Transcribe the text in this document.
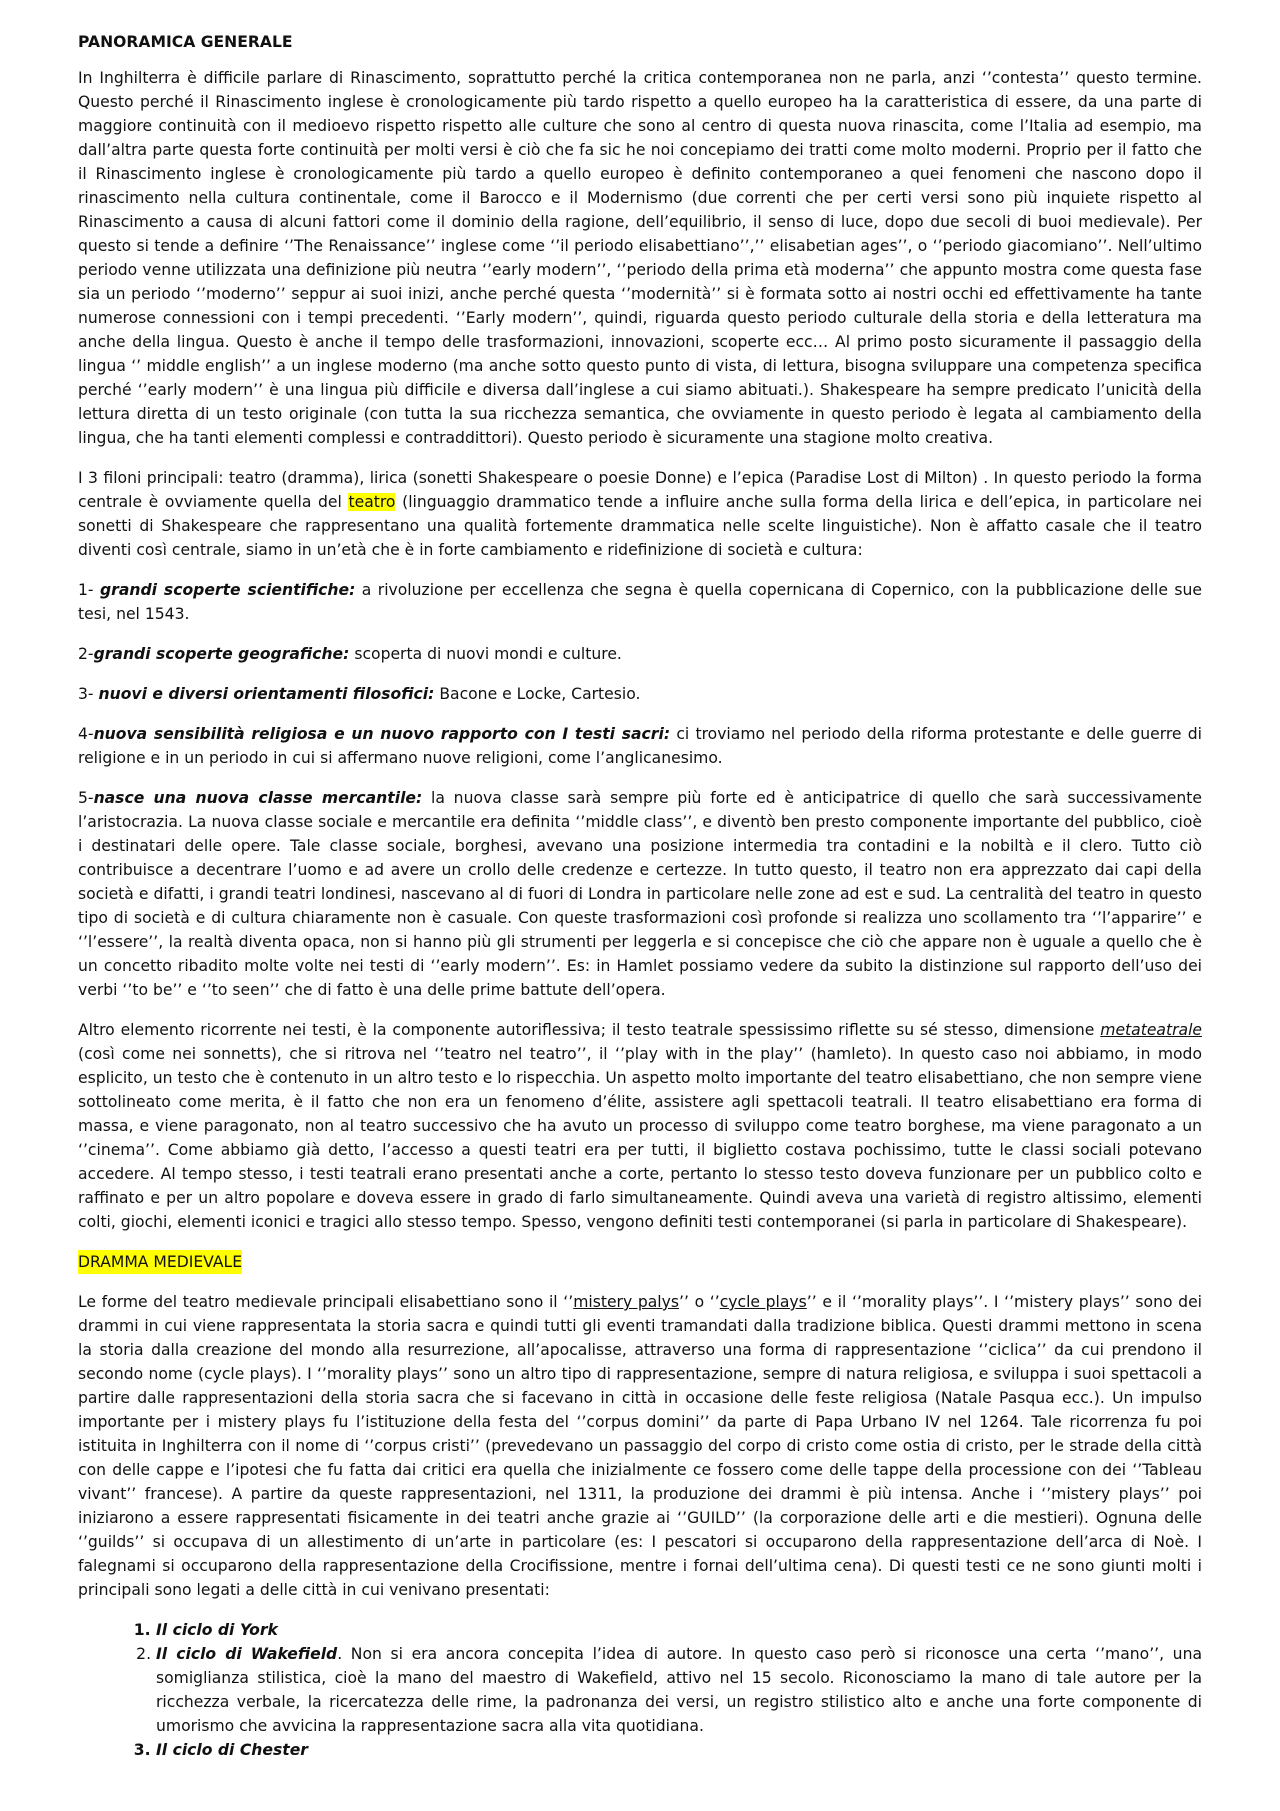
PANORAMICA GENERALE

In Inghilterra è difficile parlare di Rinascimento, soprattutto perché la critica contemporanea non ne parla, anzi ‘’contesta’’ questo termine. Questo perché il Rinascimento inglese è cronologicamente più tardo rispetto a quello europeo ha la caratteristica di essere, da una parte di maggiore continuità con il medioevo rispetto rispetto alle culture che sono al centro di questa nuova rinascita, come l’Italia ad esempio, ma dall’altra parte questa forte continuità per molti versi è ciò che fa sic he noi concepiamo dei tratti come molto moderni. Proprio per il fatto che il Rinascimento inglese è cronologicamente più tardo a quello europeo è definito contemporaneo a quei fenomeni che nascono dopo il rinascimento nella cultura continentale, come il Barocco e il Modernismo (due correnti che per certi versi sono più inquiete rispetto al Rinascimento a causa di alcuni fattori come il dominio della ragione, dell’equilibrio, il senso di luce, dopo due secoli di buoi medievale). Per questo si tende a definire ‘’The Renaissance’’ inglese come ‘’il periodo elisabettiano’’,’’ elisabetian ages’’, o ‘’periodo giacomiano’’. Nell’ultimo periodo venne utilizzata una definizione più neutra ‘’early modern’’, ‘’periodo della prima età moderna’’ che appunto mostra come questa fase sia un periodo ‘’moderno’’ seppur ai suoi inizi, anche perché questa ‘’modernità’’ si è formata sotto ai nostri occhi ed effettivamente ha tante numerose connessioni con i tempi precedenti. ‘’Early modern’’, quindi, riguarda questo periodo culturale della storia e della letteratura ma anche della lingua. Questo è anche il tempo delle trasformazioni, innovazioni, scoperte ecc… Al primo posto sicuramente il passaggio della lingua ‘’ middle english’’ a un inglese moderno (ma anche sotto questo punto di vista, di lettura, bisogna sviluppare una competenza specifica perché ‘’early modern’’ è una lingua più difficile e diversa dall’inglese a cui siamo abituati.). Shakespeare ha sempre predicato l’unicità della lettura diretta di un testo originale (con tutta la sua ricchezza semantica, che ovviamente in questo periodo è legata al cambiamento della lingua, che ha tanti elementi complessi e contraddittori). Questo periodo è sicuramente una stagione molto creativa.

I 3 filoni principali: teatro (dramma), lirica (sonetti Shakespeare o poesie Donne) e l’epica (Paradise Lost di Milton) . In questo periodo la forma centrale è ovviamente quella del teatro (linguaggio drammatico tende a influire anche sulla forma della lirica e dell’epica, in particolare nei sonetti di Shakespeare che rappresentano una qualità fortemente drammatica nelle scelte linguistiche). Non è affatto casale che il teatro diventi così centrale, siamo in un’età che è in forte cambiamento e ridefinizione di società e cultura:

1- grandi scoperte scientifiche: a rivoluzione per eccellenza che segna è quella copernicana di Copernico, con la pubblicazione delle sue tesi, nel 1543.

2-grandi scoperte geografiche: scoperta di nuovi mondi e culture.

3- nuovi e diversi orientamenti filosofici: Bacone e Locke, Cartesio.

4-nuova sensibilità religiosa e un nuovo rapporto con I testi sacri: ci troviamo nel periodo della riforma protestante e delle guerre di religione e in un periodo in cui si affermano nuove religioni, come l’anglicanesimo.

5-nasce una nuova classe mercantile: la nuova classe sarà sempre più forte ed è anticipatrice di quello che sarà successivamente l’aristocrazia. La nuova classe sociale e mercantile era definita ‘’middle class’’, e diventò ben presto componente importante del pubblico, cioè i destinatari delle opere. Tale classe sociale, borghesi, avevano una posizione intermedia tra contadini e la nobiltà e il clero. Tutto ciò contribuisce a decentrare l’uomo e ad avere un crollo delle credenze e certezze. In tutto questo, il teatro non era apprezzato dai capi della società e difatti, i grandi teatri londinesi, nascevano al di fuori di Londra in particolare nelle zone ad est e sud. La centralità del teatro in questo tipo di società e di cultura chiaramente non è casuale. Con queste trasformazioni così profonde si realizza uno scollamento tra ‘’l’apparire’’ e ‘’l’essere’’, la realtà diventa opaca, non si hanno più gli strumenti per leggerla e si concepisce che ciò che appare non è uguale a quello che è un concetto ribadito molte volte nei testi di ‘’early modern’’. Es: in Hamlet possiamo vedere da subito la distinzione sul rapporto dell’uso dei verbi ‘’to be’’ e ‘’to seen’’ che di fatto è una delle prime battute dell’opera.

Altro elemento ricorrente nei testi, è la componente autoriflessiva; il testo teatrale spessissimo riflette su sé stesso, dimensione metateatrale (così come nei sonnetts), che si ritrova nel ‘’teatro nel teatro’’, il ‘’play with in the play’’ (hamleto). In questo caso noi abbiamo, in modo esplicito, un testo che è contenuto in un altro testo e lo rispecchia. Un aspetto molto importante del teatro elisabettiano, che non sempre viene sottolineato come merita, è il fatto che non era un fenomeno d’élite, assistere agli spettacoli teatrali. Il teatro elisabettiano era forma di massa, e viene paragonato, non al teatro successivo che ha avuto un processo di sviluppo come teatro borghese, ma viene paragonato a un ‘’cinema’’. Come abbiamo già detto, l’accesso a questi teatri era per tutti, il biglietto costava pochissimo, tutte le classi sociali potevano accedere. Al tempo stesso, i testi teatrali erano presentati anche a corte, pertanto lo stesso testo doveva funzionare per un pubblico colto e raffinato e per un altro popolare e doveva essere in grado di farlo simultaneamente. Quindi aveva una varietà di registro altissimo, elementi colti, giochi, elementi iconici e tragici allo stesso tempo. Spesso, vengono definiti testi contemporanei (si parla in particolare di Shakespeare).

DRAMMA MEDIEVALE

Le forme del teatro medievale principali elisabettiano sono il ‘’mistery palys’’ o ‘’cycle plays’’ e il ‘’morality plays’’. I ‘’mistery plays’’ sono dei drammi in cui viene rappresentata la storia sacra e quindi tutti gli eventi tramandati dalla tradizione biblica. Questi drammi mettono in scena la storia dalla creazione del mondo alla resurrezione, all’apocalisse, attraverso una forma di rappresentazione ‘’ciclica’’ da cui prendono il secondo nome (cycle plays). I ‘’morality plays’’ sono un altro tipo di rappresentazione, sempre di natura religiosa, e sviluppa i suoi spettacoli a partire dalle rappresentazioni della storia sacra che si facevano in città in occasione delle feste religiosa (Natale Pasqua ecc.). Un impulso importante per i mistery plays fu l’istituzione della festa del ‘’corpus domini’’ da parte di Papa Urbano IV nel 1264. Tale ricorrenza fu poi istituita in Inghilterra con il nome di ‘’corpus cristi’’ (prevedevano un passaggio del corpo di cristo come ostia di cristo, per le strade della città con delle cappe e l’ipotesi che fu fatta dai critici era quella che inizialmente ce fossero come delle tappe della processione con dei ‘’Tableau vivant’’ francese). A partire da queste rappresentazioni, nel 1311, la produzione dei drammi è più intensa. Anche i ‘’mistery plays’’ poi iniziarono a essere rappresentati fisicamente in dei teatri anche grazie ai ‘’GUILD’’ (la corporazione delle arti e die mestieri). Ognuna delle ‘’guilds’’ si occupava di un allestimento di un’arte in particolare (es: I pescatori si occuparono della rappresentazione dell’arca di Noè. I falegnami si occuparono della rappresentazione della Crocifissione, mentre i fornai dell’ultima cena). Di questi testi ce ne sono giunti molti i principali sono legati a delle città in cui venivano presentati:

1. Il ciclo di York
2. Il ciclo di Wakefield. Non si era ancora concepita l’idea di autore. In questo caso però si riconosce una certa ‘’mano’’, una somiglianza stilistica, cioè la mano del maestro di Wakefield, attivo nel 15 secolo. Riconosciamo la mano di tale autore per la ricchezza verbale, la ricercatezza delle rime, la padronanza dei versi, un registro stilistico alto e anche una forte componente di umorismo che avvicina la rappresentazione sacra alla vita quotidiana.
3. Il ciclo di Chester
